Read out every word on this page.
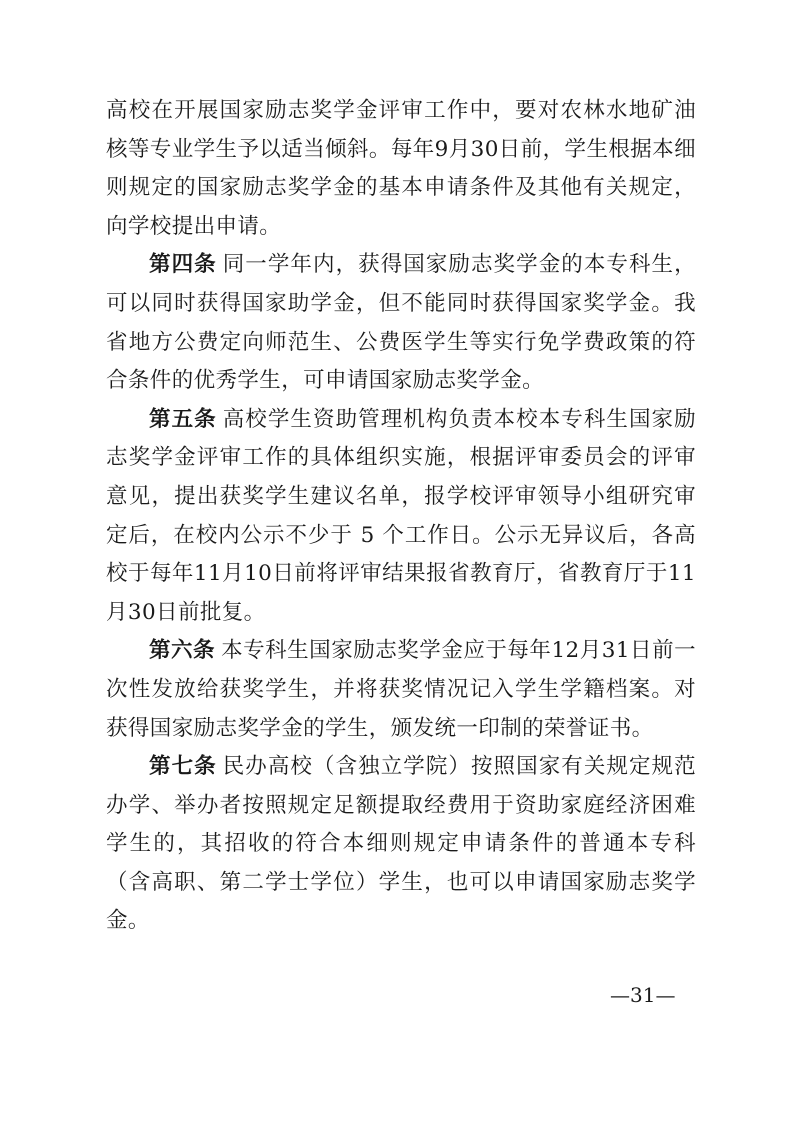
高校在开展国家励志奖学金评审工作中，要对农林水地矿油核等专业学生予以适当倾斜。每年9月30日前，学生根据本细则规定的国家励志奖学金的基本申请条件及其他有关规定，向学校提出申请。

第四条 同一学年内，获得国家励志奖学金的本专科生，可以同时获得国家助学金，但不能同时获得国家奖学金。我省地方公费定向师范生、公费医学生等实行免学费政策的符合条件的优秀学生，可申请国家励志奖学金。

第五条 高校学生资助管理机构负责本校本专科生国家励志奖学金评审工作的具体组织实施，根据评审委员会的评审意见，提出获奖学生建议名单，报学校评审领导小组研究审定后，在校内公示不少于 5 个工作日。公示无异议后，各高校于每年11月10日前将评审结果报省教育厅，省教育厅于11月30日前批复。

第六条 本专科生国家励志奖学金应于每年12月31日前一次性发放给获奖学生，并将获奖情况记入学生学籍档案。对获得国家励志奖学金的学生，颁发统一印制的荣誉证书。

第七条 民办高校（含独立学院）按照国家有关规定规范办学、举办者按照规定足额提取经费用于资助家庭经济困难学生的，其招收的符合本细则规定申请条件的普通本专科（含高职、第二学士学位）学生，也可以申请国家励志奖学金。

—31—
